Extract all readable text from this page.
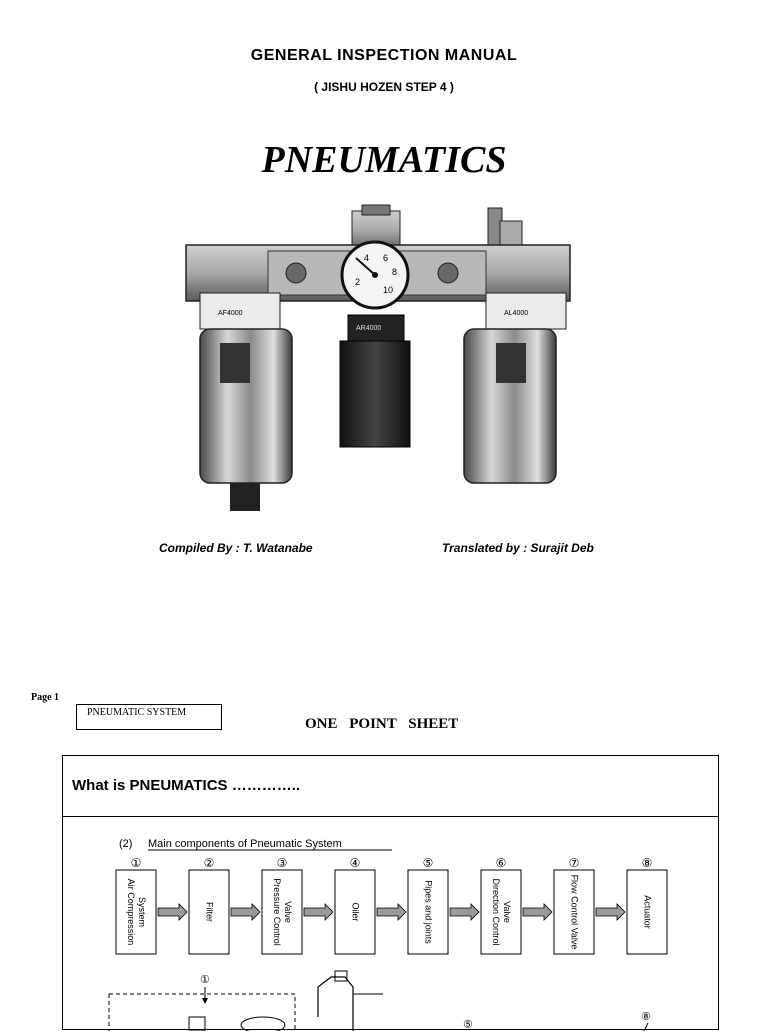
GENERAL INSPECTION MANUAL
( JISHU HOZEN STEP 4 )
PNEUMATICS
2
4 6
8
10
AF4000	AL4000
AR4000
Compiled By : T. Watanabe	Translated by : Surajit Deb
Page 1
PNEUMATIC SYSTEM
ONE POINT SHEET
What is PNEUMATICS …………..
(2) Main components of Pneumatic System
①
Air Compression System
②
Filter
③
Pressure Control Valve
④
Oiler
⑤
Pipes and joints
⑥
Direction Control Valve
⑦
Flow Control Valve
⑧
Actuator
①
⑤
⑧
